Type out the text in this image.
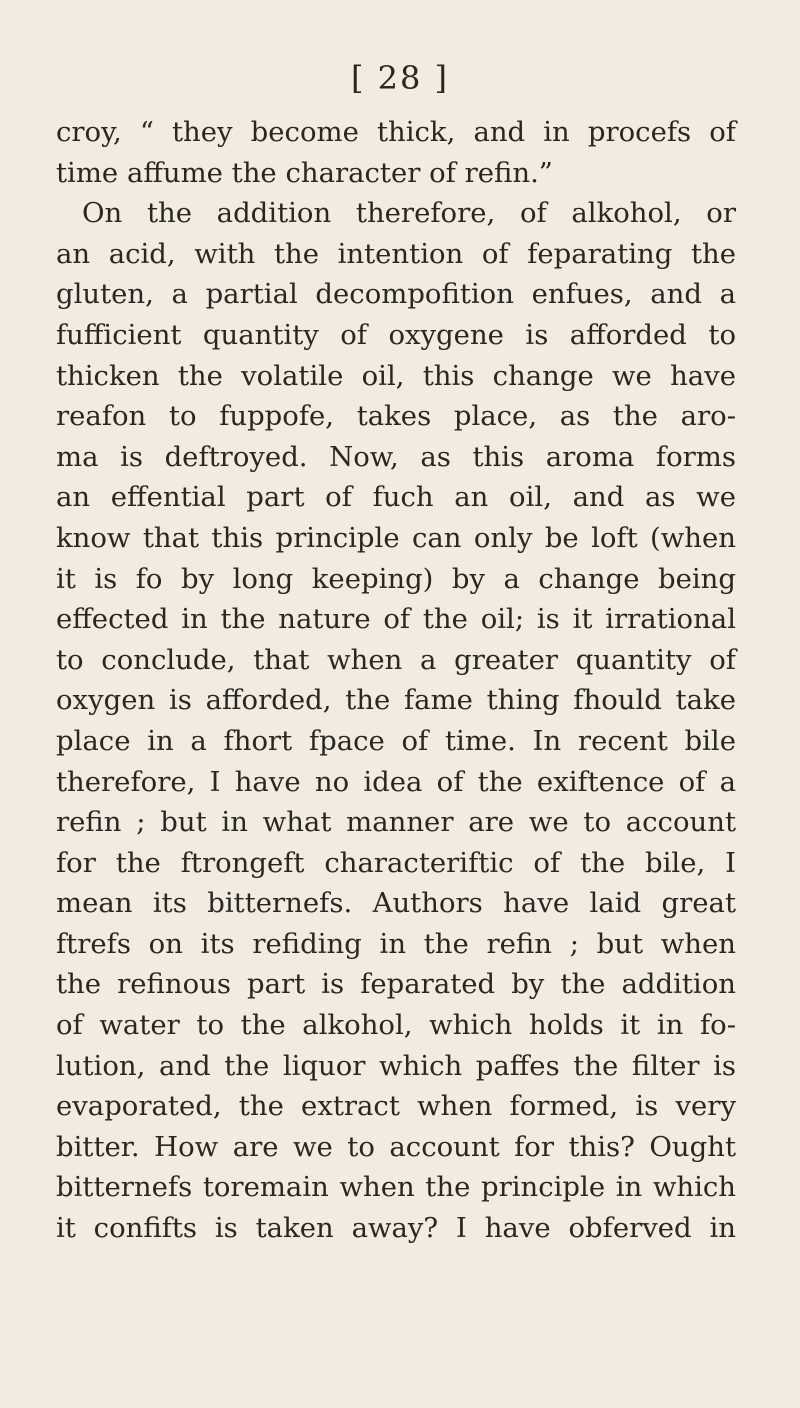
[ 28 ]
croy, “ they become thick, and in procefs of
time affume the character of refin.”
On the addition therefore, of alkohol, or
an acid, with the intention of feparating the
gluten, a partial decompofition enfues, and a
fufficient quantity of oxygene is afforded to
thicken the volatile oil, this change we have
reafon to fuppofe, takes place, as the aro-
ma is deftroyed. Now, as this aroma forms
an effential part of fuch an oil, and as we
know that this principle can only be loft (when
it is fo by long keeping) by a change being
effected in the nature of the oil; is it irrational
to conclude, that when a greater quantity of
oxygen is afforded, the fame thing fhould take
place in a fhort fpace of time. In recent bile
therefore, I have no idea of the exiftence of a
refin ; but in what manner are we to account
for the ftrongeft characteriftic of the bile, I
mean its bitternefs. Authors have laid great
ftrefs on its refiding in the refin ; but when
the refinous part is feparated by the addition
of water to the alkohol, which holds it in fo-
lution, and the liquor which paffes the filter is
evaporated, the extract when formed, is very
bitter. How are we to account for this? Ought
bitternefs toremain when the principle in which
it confifts is taken away? I have obferved in
